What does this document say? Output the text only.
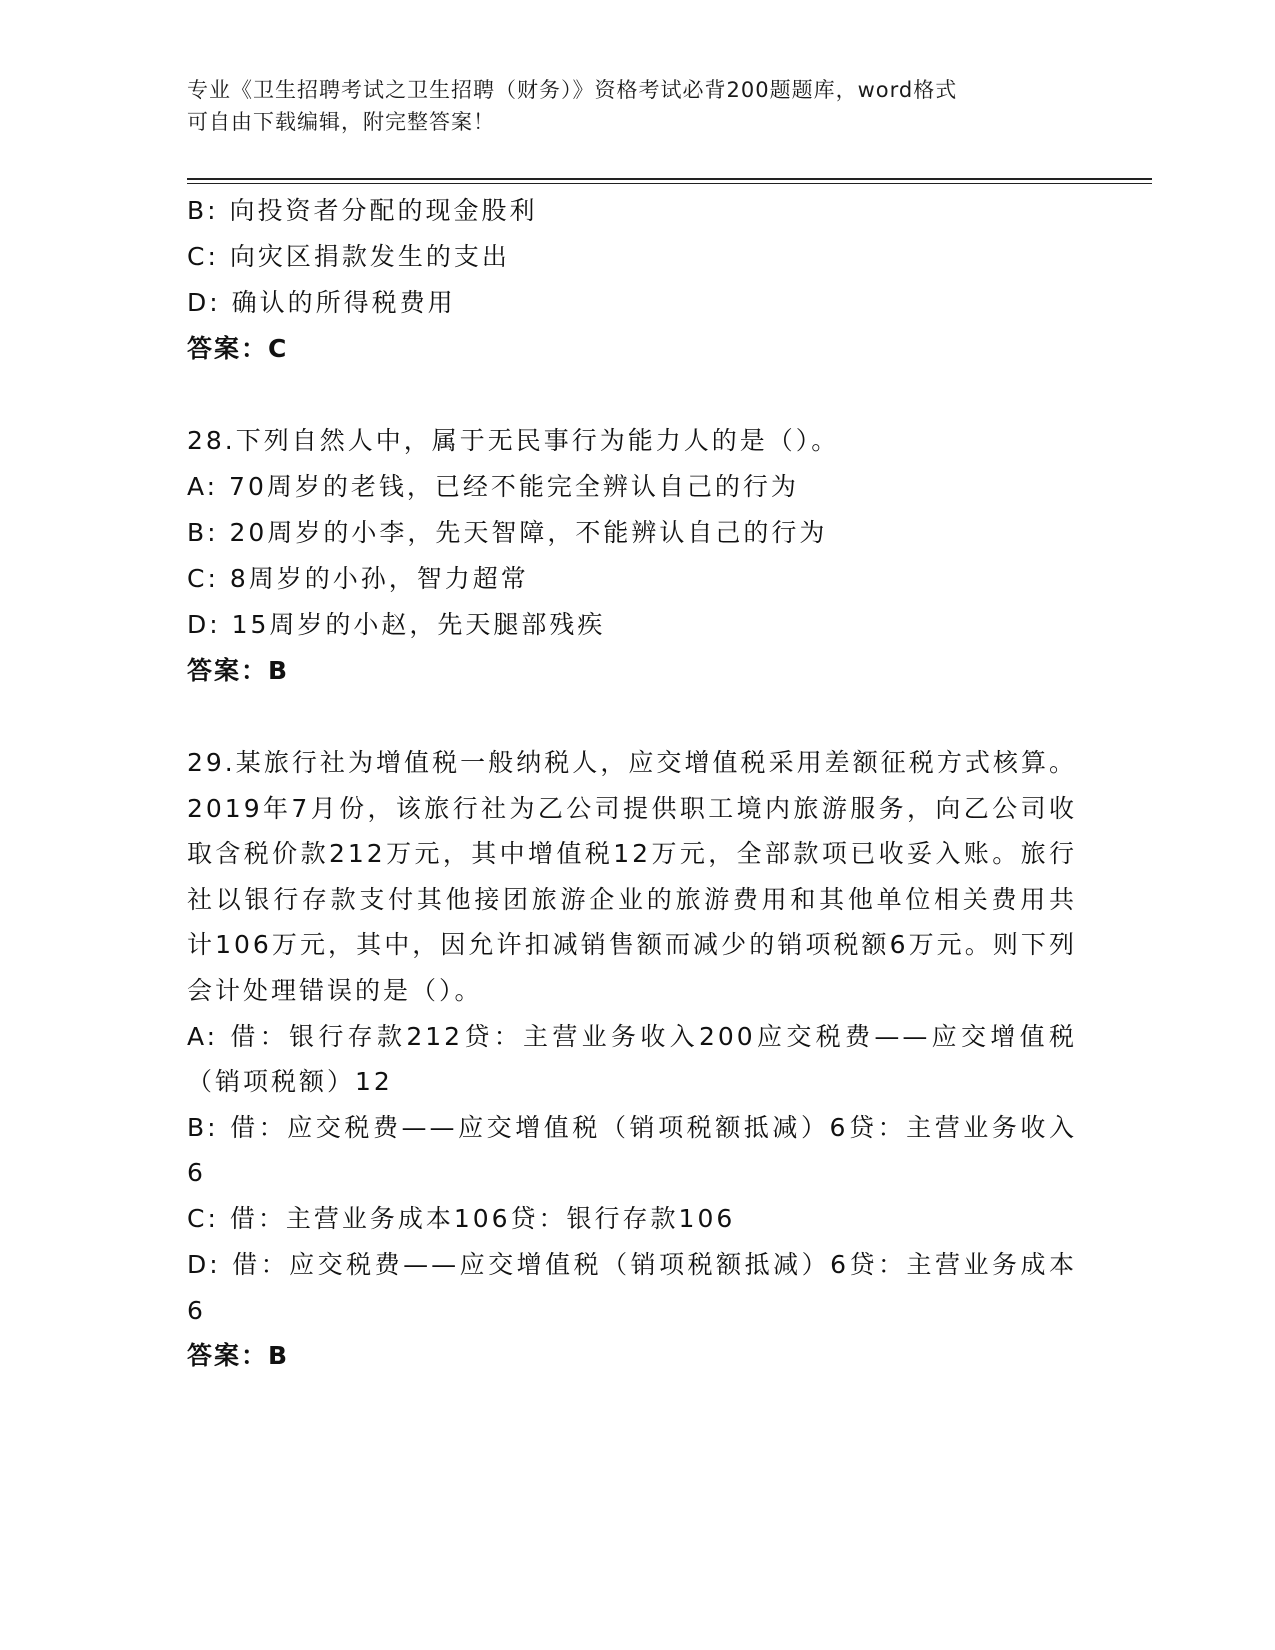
专业《卫生招聘考试之卫生招聘（财务）》资格考试必背200题题库，word格式
可自由下载编辑，附完整答案！
B: 向投资者分配的现金股利
C: 向灾区捐款发生的支出
D: 确认的所得税费用
答案：C
28.下列自然人中，属于无民事行为能力人的是（）。
A: 70周岁的老钱，已经不能完全辨认自己的行为
B: 20周岁的小李，先天智障，不能辨认自己的行为
C: 8周岁的小孙，智力超常
D: 15周岁的小赵，先天腿部残疾
答案：B
29.某旅行社为增值税一般纳税人，应交增值税采用差额征税方式核算。2019年7月份，该旅行社为乙公司提供职工境内旅游服务，向乙公司收取含税价款212万元，其中增值税12万元，全部款项已收妥入账。旅行社以银行存款支付其他接团旅游企业的旅游费用和其他单位相关费用共计106万元，其中，因允许扣减销售额而减少的销项税额6万元。则下列会计处理错误的是（）。
A: 借：银行存款212贷：主营业务收入200应交税费——应交增值税（销项税额）12
B: 借：应交税费——应交增值税（销项税额抵减）6贷：主营业务收入6
C: 借：主营业务成本106贷：银行存款106
D: 借：应交税费——应交增值税（销项税额抵减）6贷：主营业务成本6
答案：B
